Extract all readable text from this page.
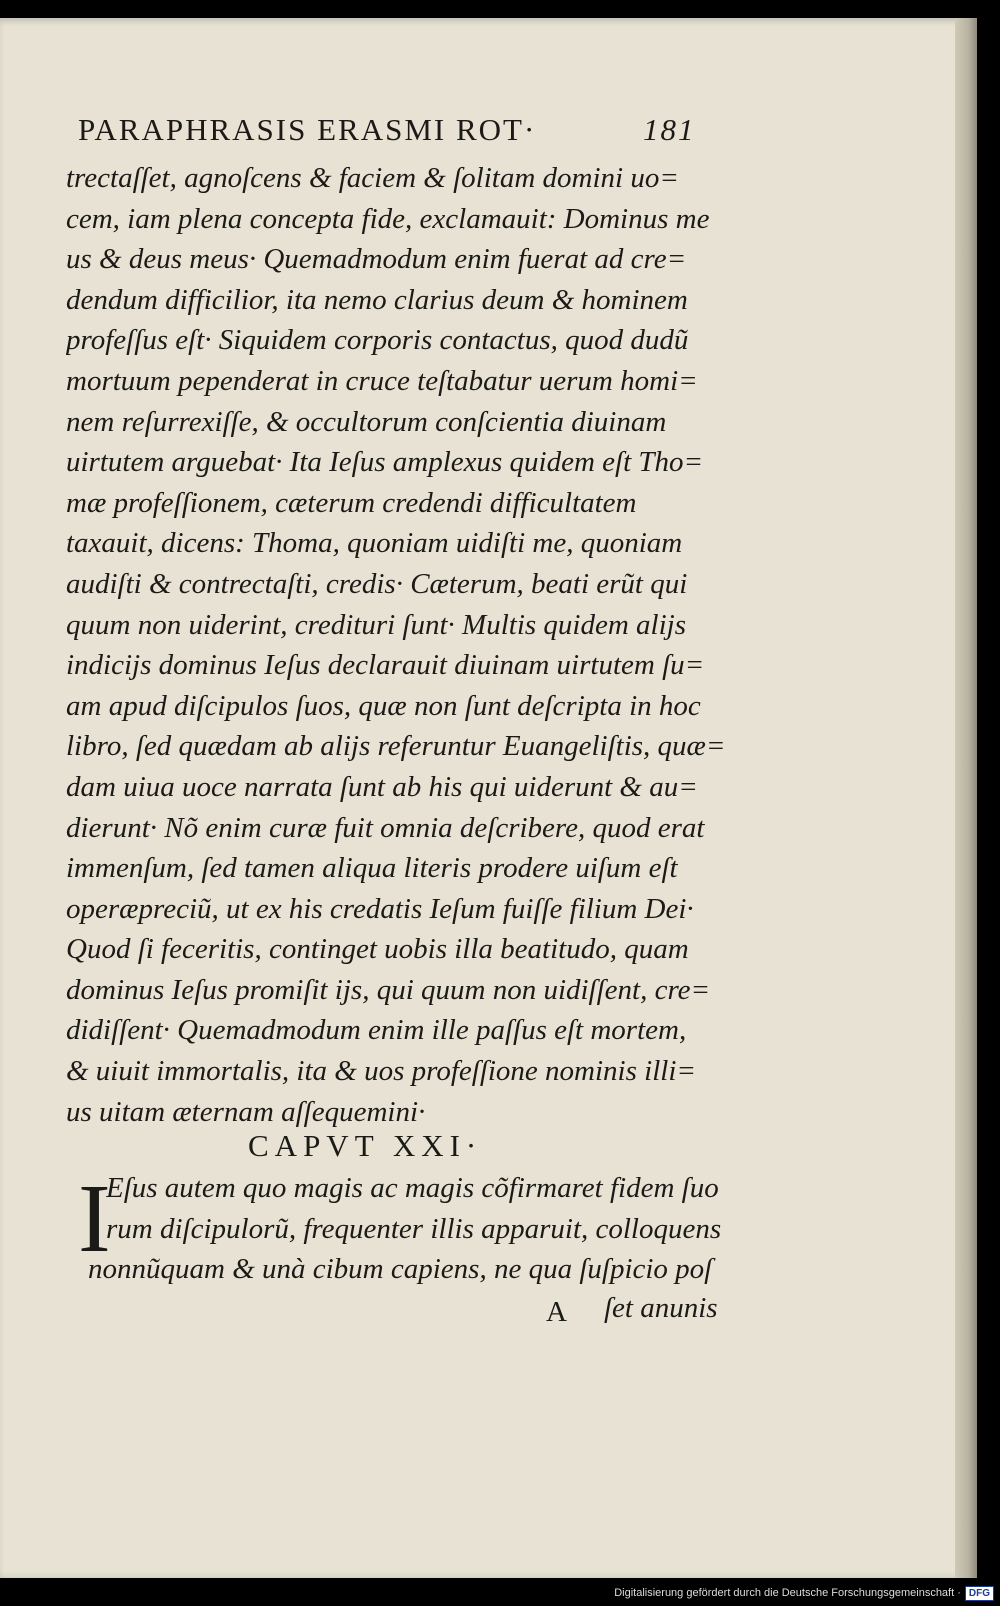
PARAPHRASIS ERASMI ROT·	181
trectaſſet, agnoſcens & faciem & ſolitam domini uo=
cem, iam plena concepta fide, exclamauit: Dominus me
us & deus meus· Quemadmodum enim fuerat ad cre=
dendum difficilior, ita nemo clarius deum & hominem
profeſſus eſt· Siquidem corporis contactus, quod dudũ
mortuum pependerat in cruce teſtabatur uerum homi=
nem reſurrexiſſe, & occultorum conſcientia diuinam
uirtutem arguebat· Ita Ieſus amplexus quidem eſt Tho=
mæ profeſſionem, cæterum credendi difficultatem
taxauit, dicens: Thoma, quoniam uidiſti me, quoniam
audiſti & contrectaſti, credis· Cæterum, beati erũt qui
quum non uiderint, credituri ſunt· Multis quidem alijs
indicijs dominus Ieſus declarauit diuinam uirtutem ſu=
am apud diſcipulos ſuos, quæ non ſunt deſcripta in hoc
libro, ſed quædam ab alijs referuntur Euangeliſtis, quæ=
dam uiua uoce narrata ſunt ab his qui uiderunt & au=
dierunt· Nõ enim curæ fuit omnia deſcribere, quod erat
immenſum, ſed tamen aliqua literis prodere uiſum eſt
operæpreciũ, ut ex his credatis Ieſum fuiſſe filium Dei·
Quod ſi feceritis, continget uobis illa beatitudo, quam
dominus Ieſus promiſit ijs, qui quum non uidiſſent, cre=
didiſſent· Quemadmodum enim ille paſſus eſt mortem,
& uiuit immortalis, ita & uos profeſſione nominis illi=
us uitam æternam aſſequemini·
CAPVT XXI·
I
Eſus autem quo magis ac magis cõfirmaret fidem ſuo
rum diſcipulorũ, frequenter illis apparuit, colloquens
nonnũquam & unà cibum capiens, ne qua ſuſpicio poſ
A ſet anunis
Digitalisierung gefördert durch die Deutsche Forschungsgemeinschaft · DFG
